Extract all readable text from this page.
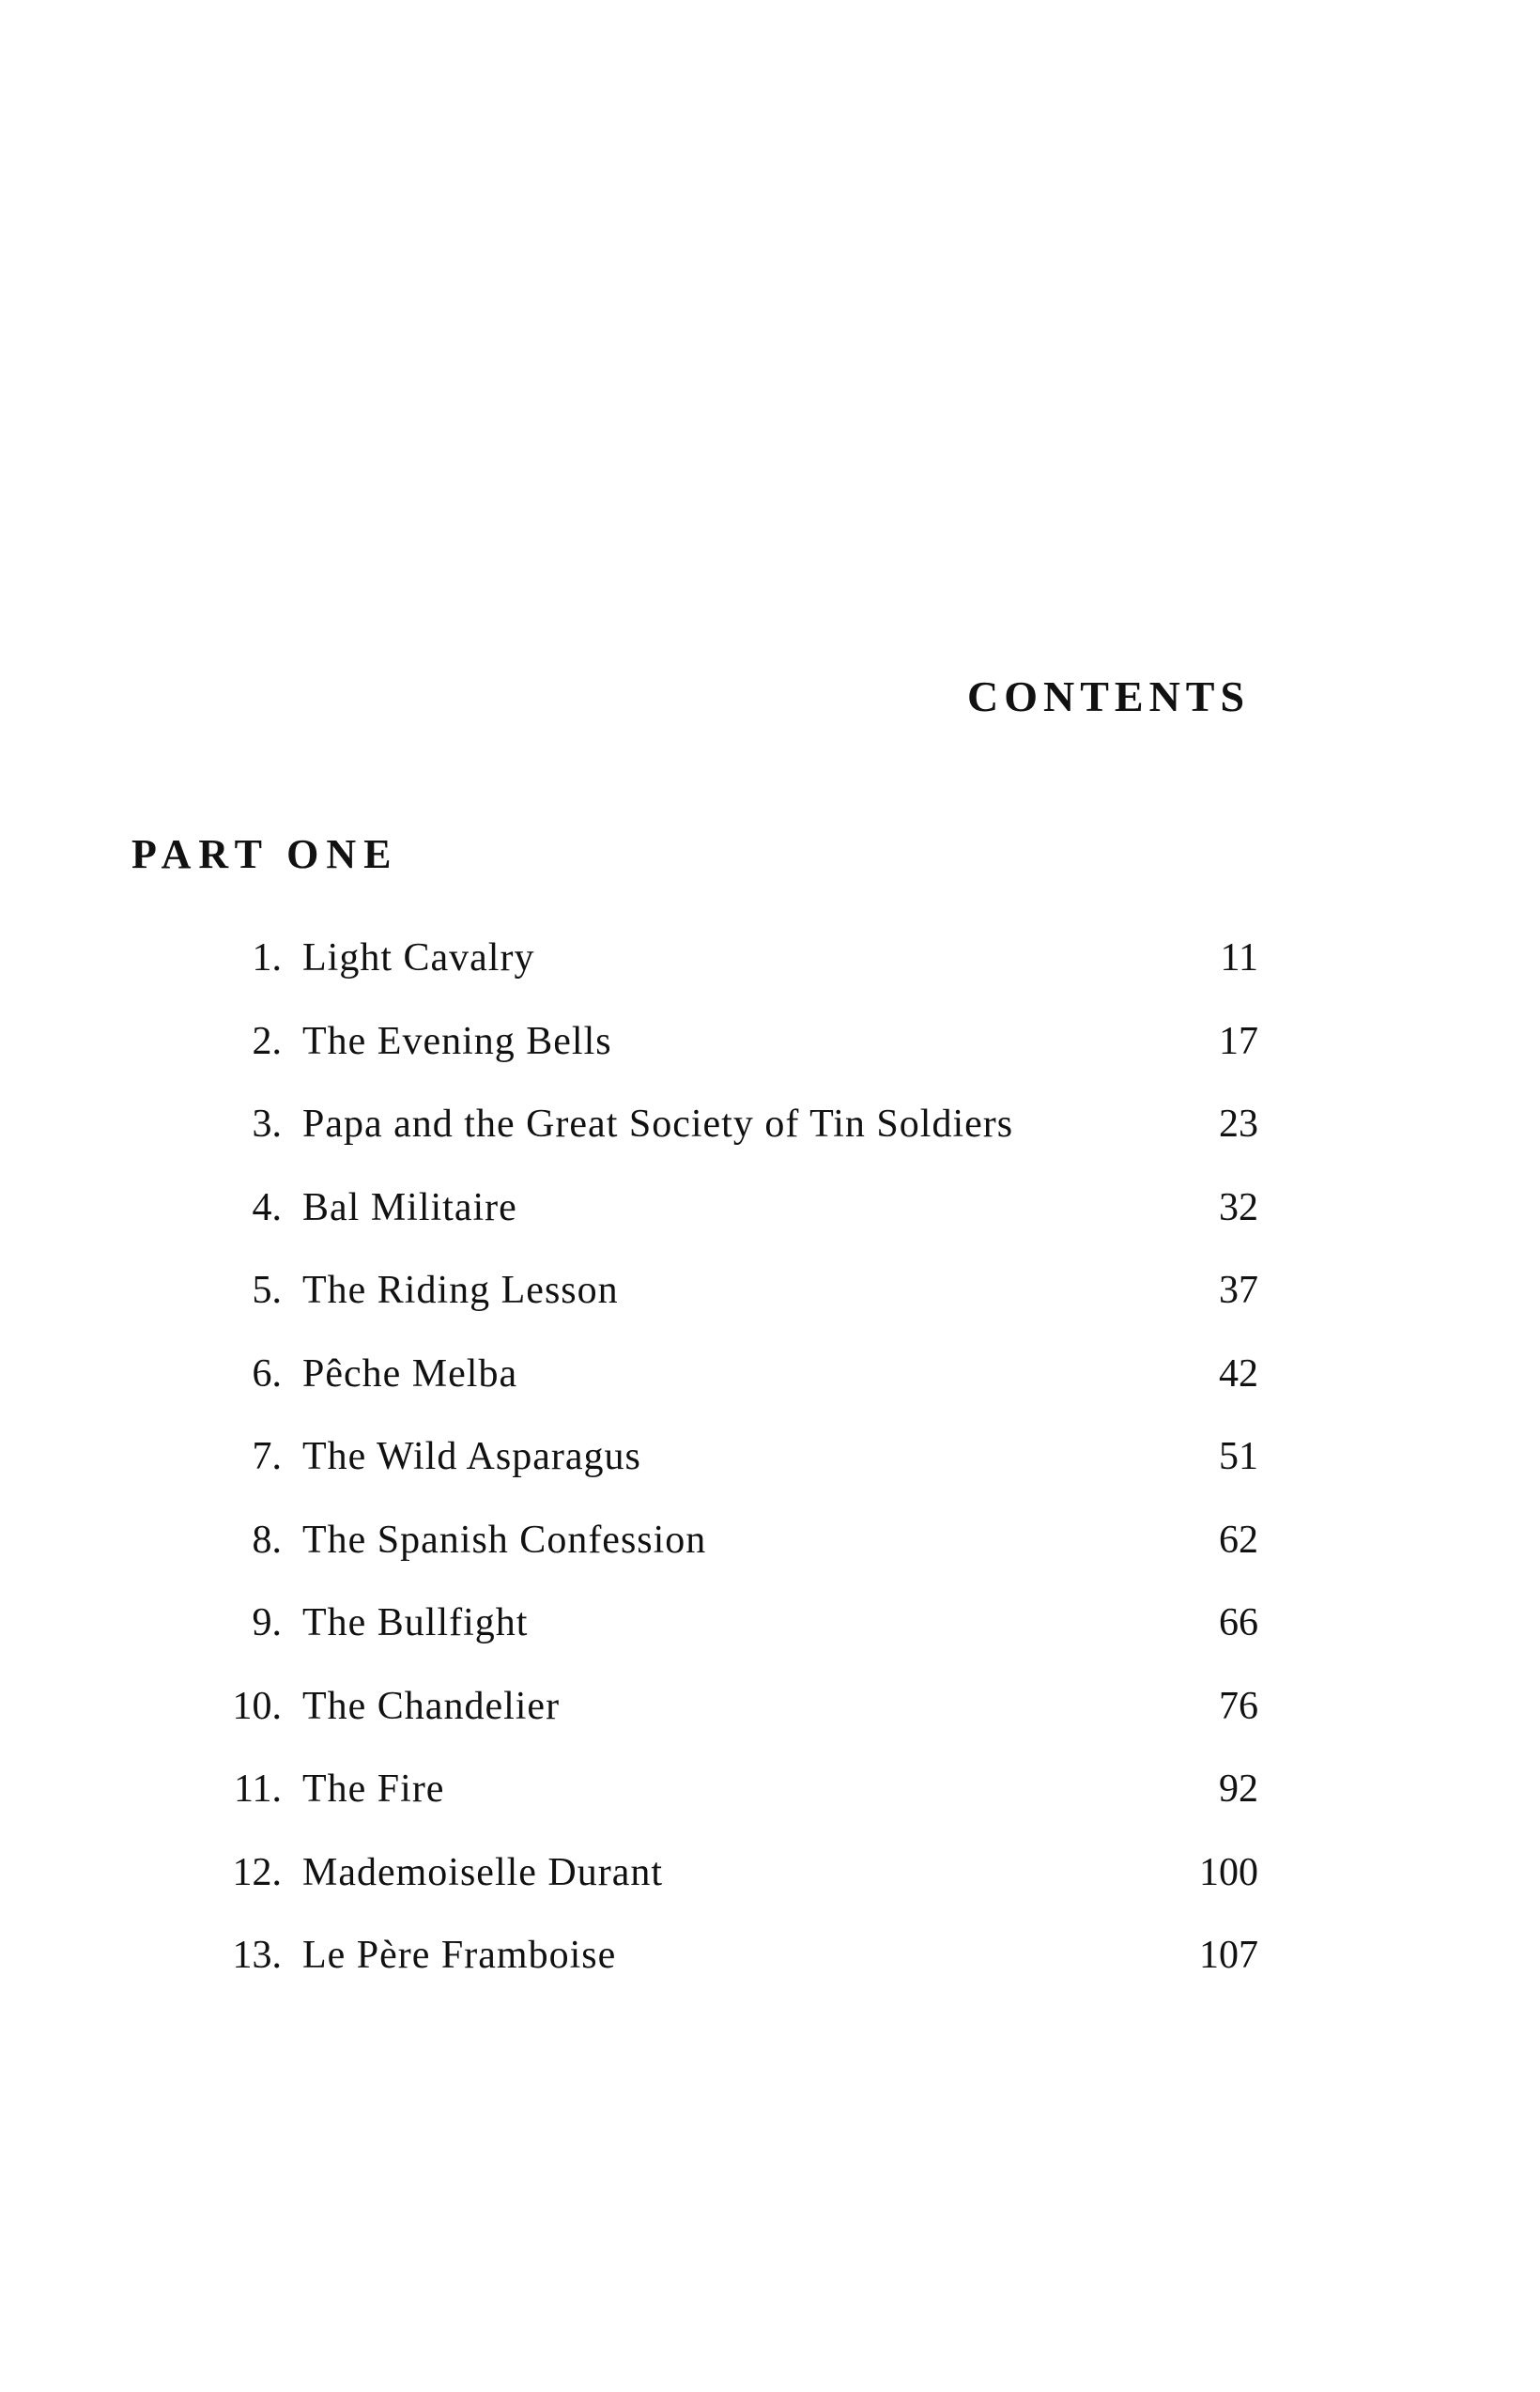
CONTENTS
PART ONE
1. Light Cavalry	11
2. The Evening Bells	17
3. Papa and the Great Society of Tin Soldiers	23
4. Bal Militaire	32
5. The Riding Lesson	37
6. Pêche Melba	42
7. The Wild Asparagus	51
8. The Spanish Confession	62
9. The Bullfight	66
10. The Chandelier	76
11. The Fire	92
12. Mademoiselle Durant	100
13. Le Père Framboise	107
